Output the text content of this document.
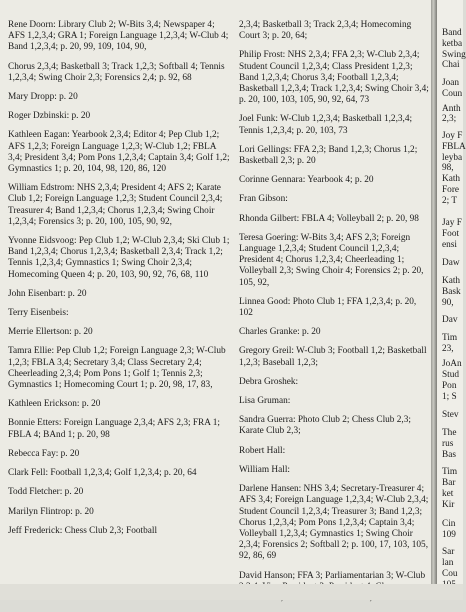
Rene Doorn: Library Club 2; W-Bits 3,4; Newspaper 4; AFS 1,2,3,4; GRA 1; Foreign Language 1,2,3,4; W-Club 4; Band 1,2,3,4; p. 20, 99, 109, 104, 90,
Chorus 2,3,4; Basketball 3; Track 1,2,3; Softball 4; Tennis 1,2,3,4; Swing Choir 2,3; Forensics 2,4; p. 92, 68
Mary Dropp: p. 20
Roger Dzbinski: p. 20
Kathleen Eagan: Yearbook 2,3,4; Editor 4; Pep Club 1,2; AFS 1,2,3; Foreign Language 1,2,3; W-Club 1,2; FBLA 3,4; President 3,4; Pom Pons 1,2,3,4; Captain 3,4; Golf 1,2; Gymnastics 1; p. 20, 104, 98, 120, 86, 120
William Edstrom: NHS 2,3,4; President 4; AFS 2; Karate Club 1,2; Foreign Language 1,2,3; Student Council 2,3,4; Treasurer 4; Band 1,2,3,4; Chorus 1,2,3,4; Swing Choir 1,2,3,4; Forensics 3; p. 20, 100, 105, 90, 92,
Yvonne Eidsvoog: Pep Club 1,2; W-Club 2,3,4; Ski Club 1; Band 1,2,3,4; Chorus 1,2,3,4; Basketball 2,3,4; Track 1,2; Tennis 1,2,3,4; Gymnastics 1; Swing Choir 2,3,4; Homecoming Queen 4; p. 20, 103, 90, 92, 76, 68, 110
John Eisenbart: p. 20
Terry Eisenbeis:
Merrie Ellertson: p. 20
Tamra Ellie: Pep Club 1,2; Foreign Language 2,3; W-Club 1,2,3; FBLA 3,4; Secretary 3,4; Class Secretary 2,4; Cheerleading 2,3,4; Pom Pons 1; Golf 1; Tennis 2,3; Gymnastics 1; Homecoming Court 1; p. 20, 98, 17, 83,
Kathleen Erickson: p. 20
Bonnie Etters: Foreign Language 2,3,4; AFS 2,3; FRA 1; FBLA 4; BAnd 1; p. 20, 98
Rebecca Fay: p. 20
Clark Fell: Football 1,2,3,4; Golf 1,2,3,4; p. 20, 64
Todd Fletcher: p. 20
Marilyn Flintrop: p. 20
Jeff Frederick: Chess Club 2,3; Football
2,3,4; Basketball 3; Track 2,3,4; Homecoming Court 3; p. 20, 64;
Philip Frost: NHS 2,3,4; FFA 2,3; W-Club 2,3,4; Student Council 1,2,3,4; Class President 1,2,3; Band 1,2,3,4; Chorus 3,4; Football 1,2,3,4; Basketball 1,2,3,4; Track 1,2,3,4; Swing Choir 3,4; p. 20, 100, 103, 105, 90, 92, 64, 73
Joel Funk: W-Club 1,2,3,4; Basketball 1,2,3,4; Tennis 1,2,3,4; p. 20, 103, 73
Lori Gellings: FFA 2,3; Band 1,2,3; Chorus 1,2; Basketball 2,3; p. 20
Corinne Gennara: Yearbook 4; p. 20
Fran Gibson:
Rhonda Gilbert: FBLA 4; Volleyball 2; p. 20, 98
Teresa Goering: W-Bits 3,4; AFS 2,3; Foreign Language 1,2,3,4; Student Council 1,2,3,4; President 4; Chorus 1,2,3,4; Cheerleading 1; Volleyball 2,3; Swing Choir 4; Forensics 2; p. 20, 105, 92,
Linnea Good: Photo Club 1; FFA 1,2,3,4; p. 20, 102
Charles Granke: p. 20
Gregory Greil: W-Club 3; Football 1,2; Basketball 1,2,3; Baseball 1,2,3;
Debra Groshek:
Lisa Gruman:
Sandra Guerra: Photo Club 2; Chess Club 2,3; Karate Club 2,3;
Robert Hall:
William Hall:
Darlene Hansen: NHS 3,4; Secretary-Treasurer 4; AFS 3,4; Foreign Language 1,2,3,4; W-Club 2,3,4; Student Council 1,2,3,4; Treasurer 3; Band 1,2,3; Chorus 1,2,3,4; Pom Pons 1,2,3,4; Captain 3,4; Volleyball 1,2,3,4; Gymnastics 1; Swing Choir 2,3,4; Forensics 2; Softball 2; p. 100, 17, 103, 105, 92, 86, 69
David Hanson; FFA 3; Parliamentarian 3; W-Club
Band
ketba
Swing
Chai
Joan
Coun
Anth
2,3;
Joy F
FBLA
leyba
98,
Kath
Fore
2; T
Jay F
Foot
ensi
Daw
Kath
Bask
90,
Dav
Tim
23,
JoAn
Stud
Pon
1; S
Stev
The
rus
Bas
Tim
Bar
ket
Kir
Cin
109
Sar
lan
Cou
